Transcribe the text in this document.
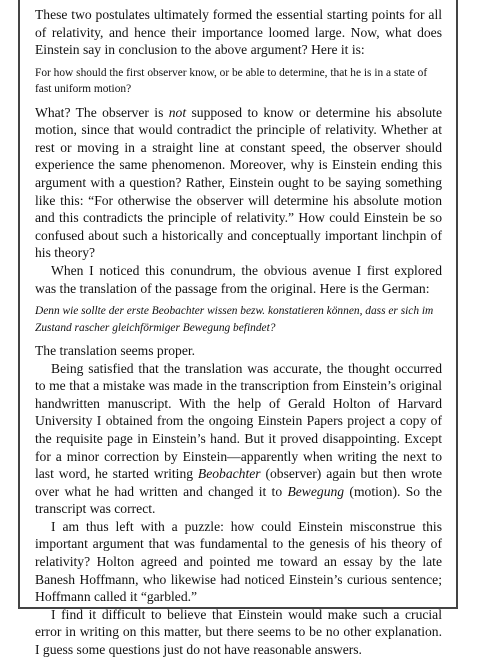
These two postulates ultimately formed the essential starting points for all of relativity, and hence their importance loomed large. Now, what does Einstein say in conclusion to the above argument? Here it is:

For how should the first observer know, or be able to determine, that he is in a state of fast uniform motion?

What? The observer is not supposed to know or determine his absolute motion, since that would contradict the principle of relativity. Whether at rest or moving in a straight line at constant speed, the observer should experience the same phenomenon. Moreover, why is Einstein ending this argument with a question? Rather, Einstein ought to be saying something like this: “For otherwise the observer will determine his absolute motion and this contradicts the principle of relativity.” How could Einstein be so confused about such a historically and conceptually important linchpin of his theory?

When I noticed this conundrum, the obvious avenue I first explored was the translation of the passage from the original. Here is the German:

Denn wie sollte der erste Beobachter wissen bezw. konstatieren können, dass er sich im Zustand rascher gleichförmiger Bewegung befindet?

The translation seems proper.

Being satisfied that the translation was accurate, the thought occurred to me that a mistake was made in the transcription from Einstein’s original handwritten manuscript. With the help of Gerald Holton of Harvard University I obtained from the ongoing Einstein Papers project a copy of the requisite page in Einstein’s hand. But it proved disappointing. Except for a minor correction by Einstein—apparently when writing the next to last word, he started writing Beobachter (observer) again but then wrote over what he had written and changed it to Bewegung (motion). So the transcript was correct.

I am thus left with a puzzle: how could Einstein misconstrue this important argument that was fundamental to the genesis of his theory of relativity? Holton agreed and pointed me toward an essay by the late Banesh Hoffmann, who likewise had noticed Einstein’s curious sentence; Hoffmann called it “garbled.”

I find it difficult to believe that Einstein would make such a crucial error in writing on this matter, but there seems to be no other explanation. I guess some questions just do not have reasonable answers.
